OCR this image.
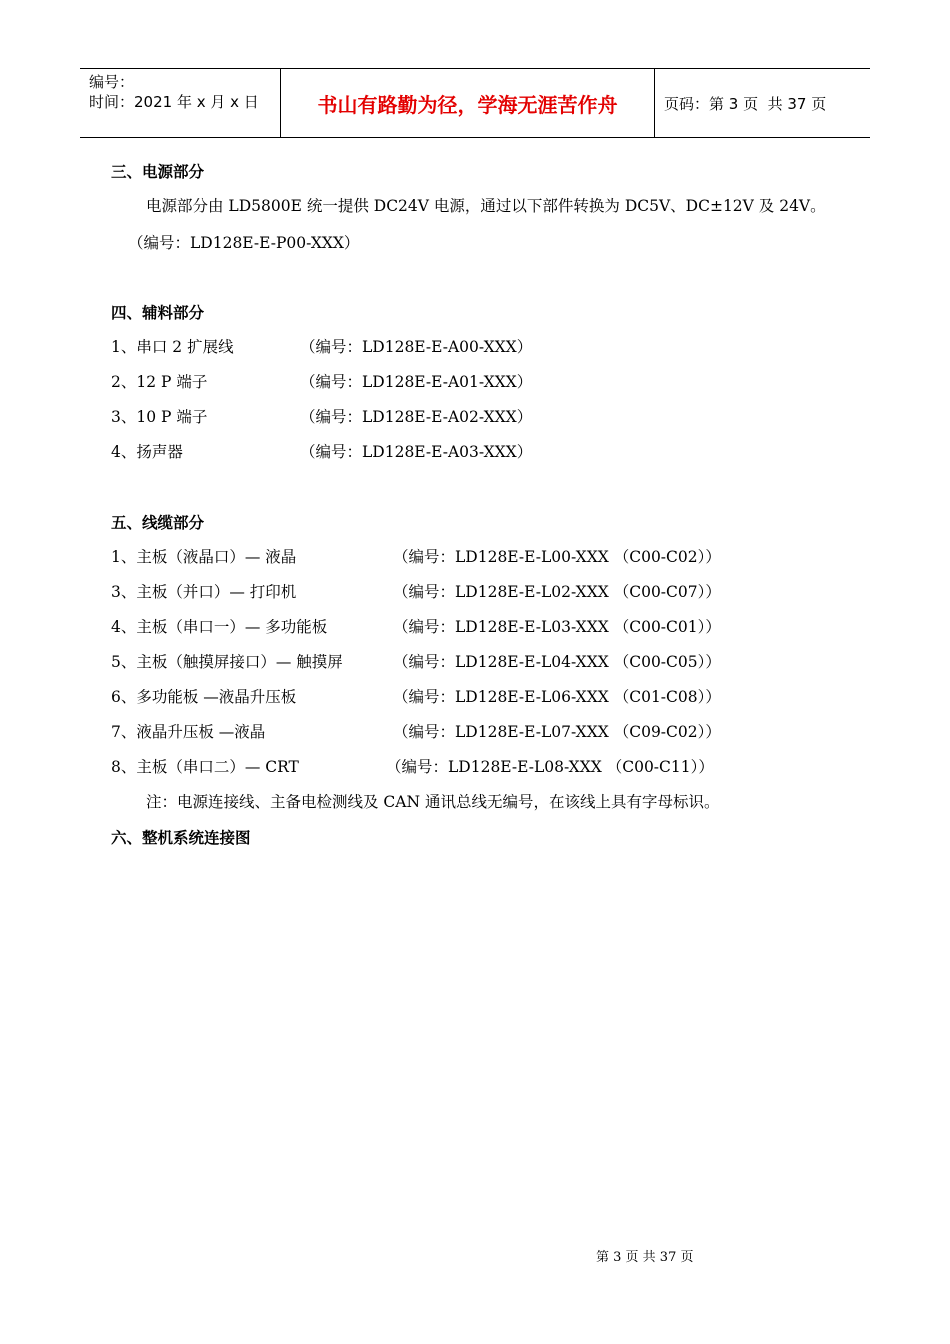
编号：
时间：2021 年 x 月 x 日	书山有路勤为径，学海无涯苦作舟	页码：第 3 页  共 37 页
三、电源部分
电源部分由 LD5800E 统一提供 DC24V 电源，通过以下部件转换为 DC5V、DC±12V 及 24V。
（编号：LD128E-E-P00-XXX）
四、辅料部分
1、串口 2 扩展线	（编号：LD128E-E-A00-XXX）
2、12 P 端子	（编号：LD128E-E-A01-XXX）
3、10 P 端子	（编号：LD128E-E-A02-XXX）
4、扬声器	（编号：LD128E-E-A03-XXX）
五、线缆部分
1、主板（液晶口）— 液晶	（编号：LD128E-E-L00-XXX （C00-C02））
3、主板（并口）— 打印机	（编号：LD128E-E-L02-XXX （C00-C07））
4、主板（串口一）— 多功能板	（编号：LD128E-E-L03-XXX （C00-C01））
5、主板（触摸屏接口）— 触摸屏	（编号：LD128E-E-L04-XXX （C00-C05））
6、多功能板 —液晶升压板	（编号：LD128E-E-L06-XXX （C01-C08））
7、液晶升压板 —液晶	（编号：LD128E-E-L07-XXX （C09-C02））
8、主板（串口二）— CRT	（编号：LD128E-E-L08-XXX （C00-C11））
注：电源连接线、主备电检测线及 CAN 通讯总线无编号，在该线上具有字母标识。
六、整机系统连接图
第 3 页 共 37 页
